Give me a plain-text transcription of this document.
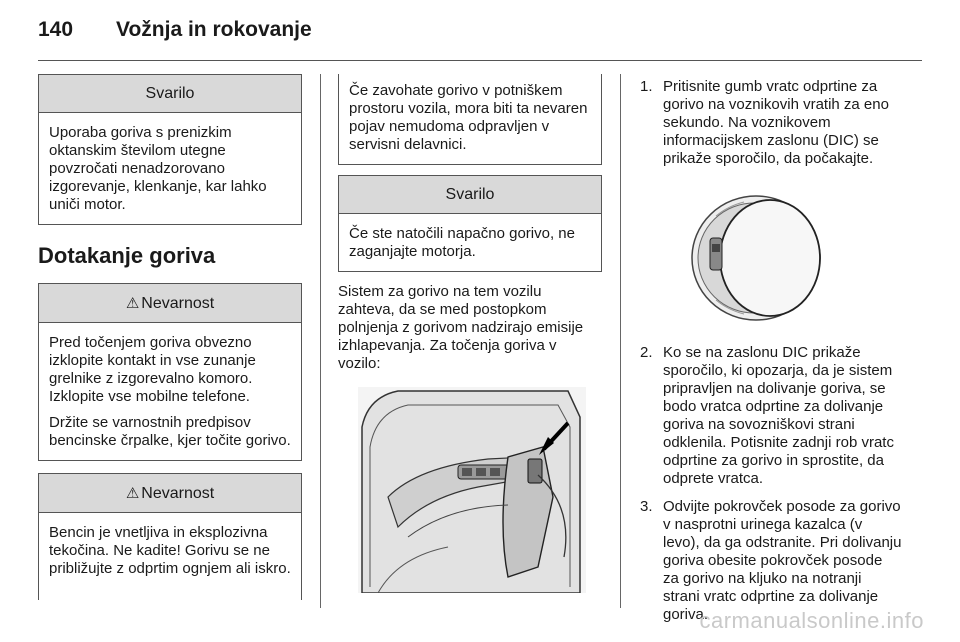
140	Vožnja in rokovanje
Svarilo

Uporaba goriva s prenizkim oktanskim številom utegne povzročati nenadzorovano izgorevanje, klenkanje, kar lahko uniči motor.

Dotakanje goriva
⚠ Nevarnost

Pred točenjem goriva obvezno izklopite kontakt in vse zunanje grelnike z izgorevalno komoro. Izklopite vse mobilne telefone.

Držite se varnostnih predpisov bencinske črpalke, kjer točite gorivo.

⚠ Nevarnost

Bencin je vnetljiva in eksplozivna tekočina. Ne kadite! Gorivu se ne približujte z odprtim ognjem ali iskro.

Če zavohate gorivo v potniškem prostoru vozila, mora biti ta nevaren pojav nemudoma odpravljen v servisni delavnici.

Svarilo

Če ste natočili napačno gorivo, ne zaganjajte motorja.

Sistem za gorivo na tem vozilu zahteva, da se med postopkom polnjenja z gorivom nadzirajo emisije izhlapevanja. Za točenja goriva v vozilo:

1. Pritisnite gumb vratc odprtine za gorivo na voznikovih vratih za eno sekundo. Na voznikovem informacijskem zaslonu (DIC) se prikaže sporočilo, da počakajte.
2. Ko se na zaslonu DIC prikaže sporočilo, ki opozarja, da je sistem pripravljen na dolivanje goriva, se bodo vratca odprtine za dolivanje goriva na sovozniškovi strani odklenila. Potisnite zadnji rob vratc odprtine za gorivo in sprostite, da odprete vratca.
3. Odvijte pokrovček posode za gorivo v nasprotni urinega kazalca (v levo), da ga odstranite. Pri dolivanju goriva obesite pokrovček posode za gorivo na kljuko na notranji strani vratc odprtine za dolivanje goriva.
carmanualsonline.info
